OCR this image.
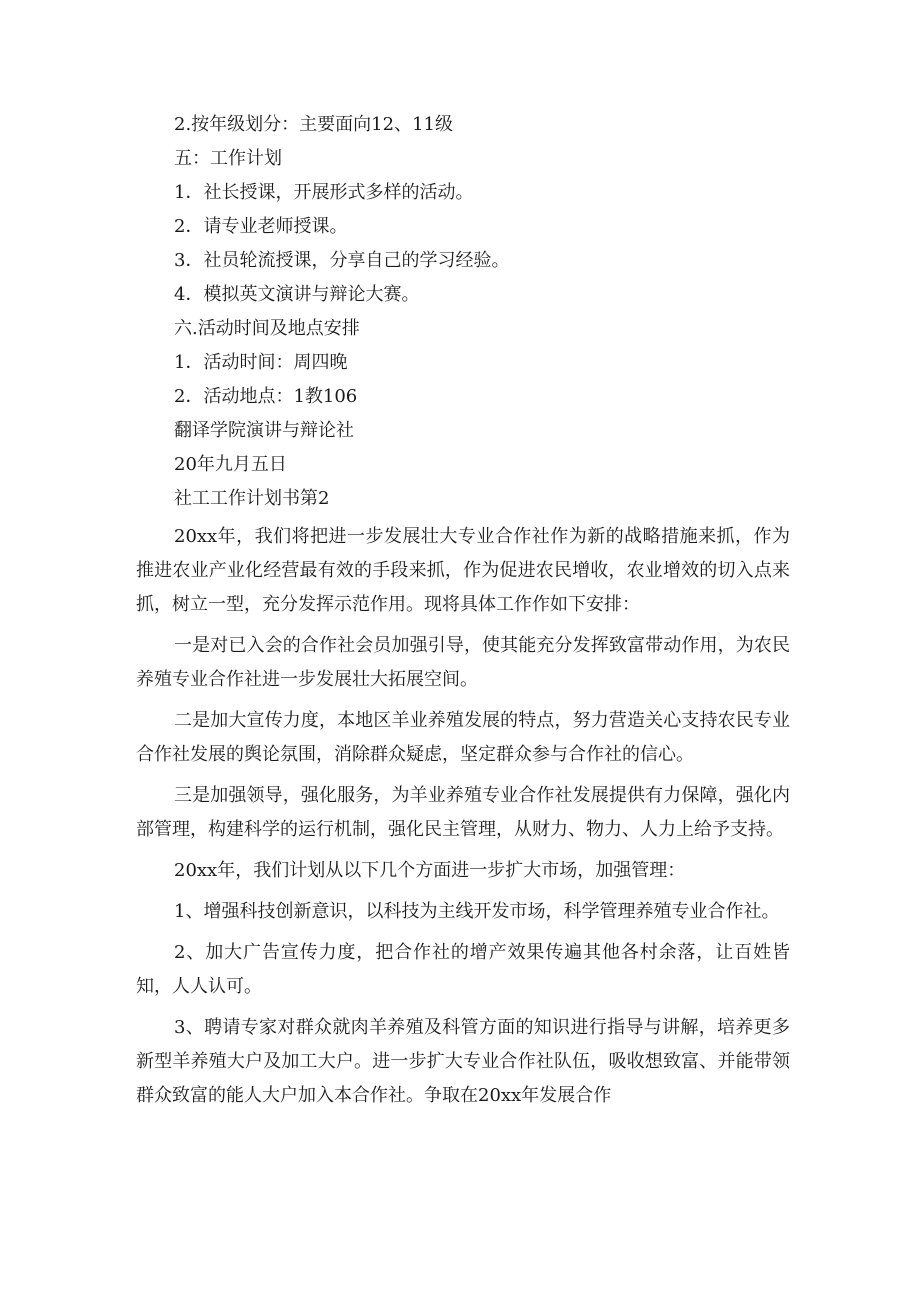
2.按年级划分：主要面向12、11级
五：工作计划
1．社长授课，开展形式多样的活动。
2．请专业老师授课。
3．社员轮流授课，分享自己的学习经验。
4．模拟英文演讲与辩论大赛。
六.活动时间及地点安排
1．活动时间：周四晚
2．活动地点：1教106
翻译学院演讲与辩论社
20年九月五日
社工工作计划书第2

20xx年，我们将把进一步发展壮大专业合作社作为新的战略措施来抓，作为推进农业产业化经营最有效的手段来抓，作为促进农民增收，农业增效的切入点来抓，树立一型，充分发挥示范作用。现将具体工作作如下安排：

一是对已入会的合作社会员加强引导，使其能充分发挥致富带动作用，为农民养殖专业合作社进一步发展壮大拓展空间。

二是加大宣传力度，本地区羊业养殖发展的特点，努力营造关心支持农民专业合作社发展的舆论氛围，消除群众疑虑，坚定群众参与合作社的信心。

三是加强领导，强化服务，为羊业养殖专业合作社发展提供有力保障，强化内部管理，构建科学的运行机制，强化民主管理，从财力、物力、人力上给予支持。

20xx年，我们计划从以下几个方面进一步扩大市场，加强管理：

1、增强科技创新意识，以科技为主线开发市场，科学管理养殖专业合作社。

2、加大广告宣传力度，把合作社的增产效果传遍其他各村余落，让百姓皆知，人人认可。

3、聘请专家对群众就肉羊养殖及科管方面的知识进行指导与讲解，培养更多新型羊养殖大户及加工大户。进一步扩大专业合作社队伍，吸收想致富、并能带领群众致富的能人大户加入本合作社。争取在20xx年发展合作
